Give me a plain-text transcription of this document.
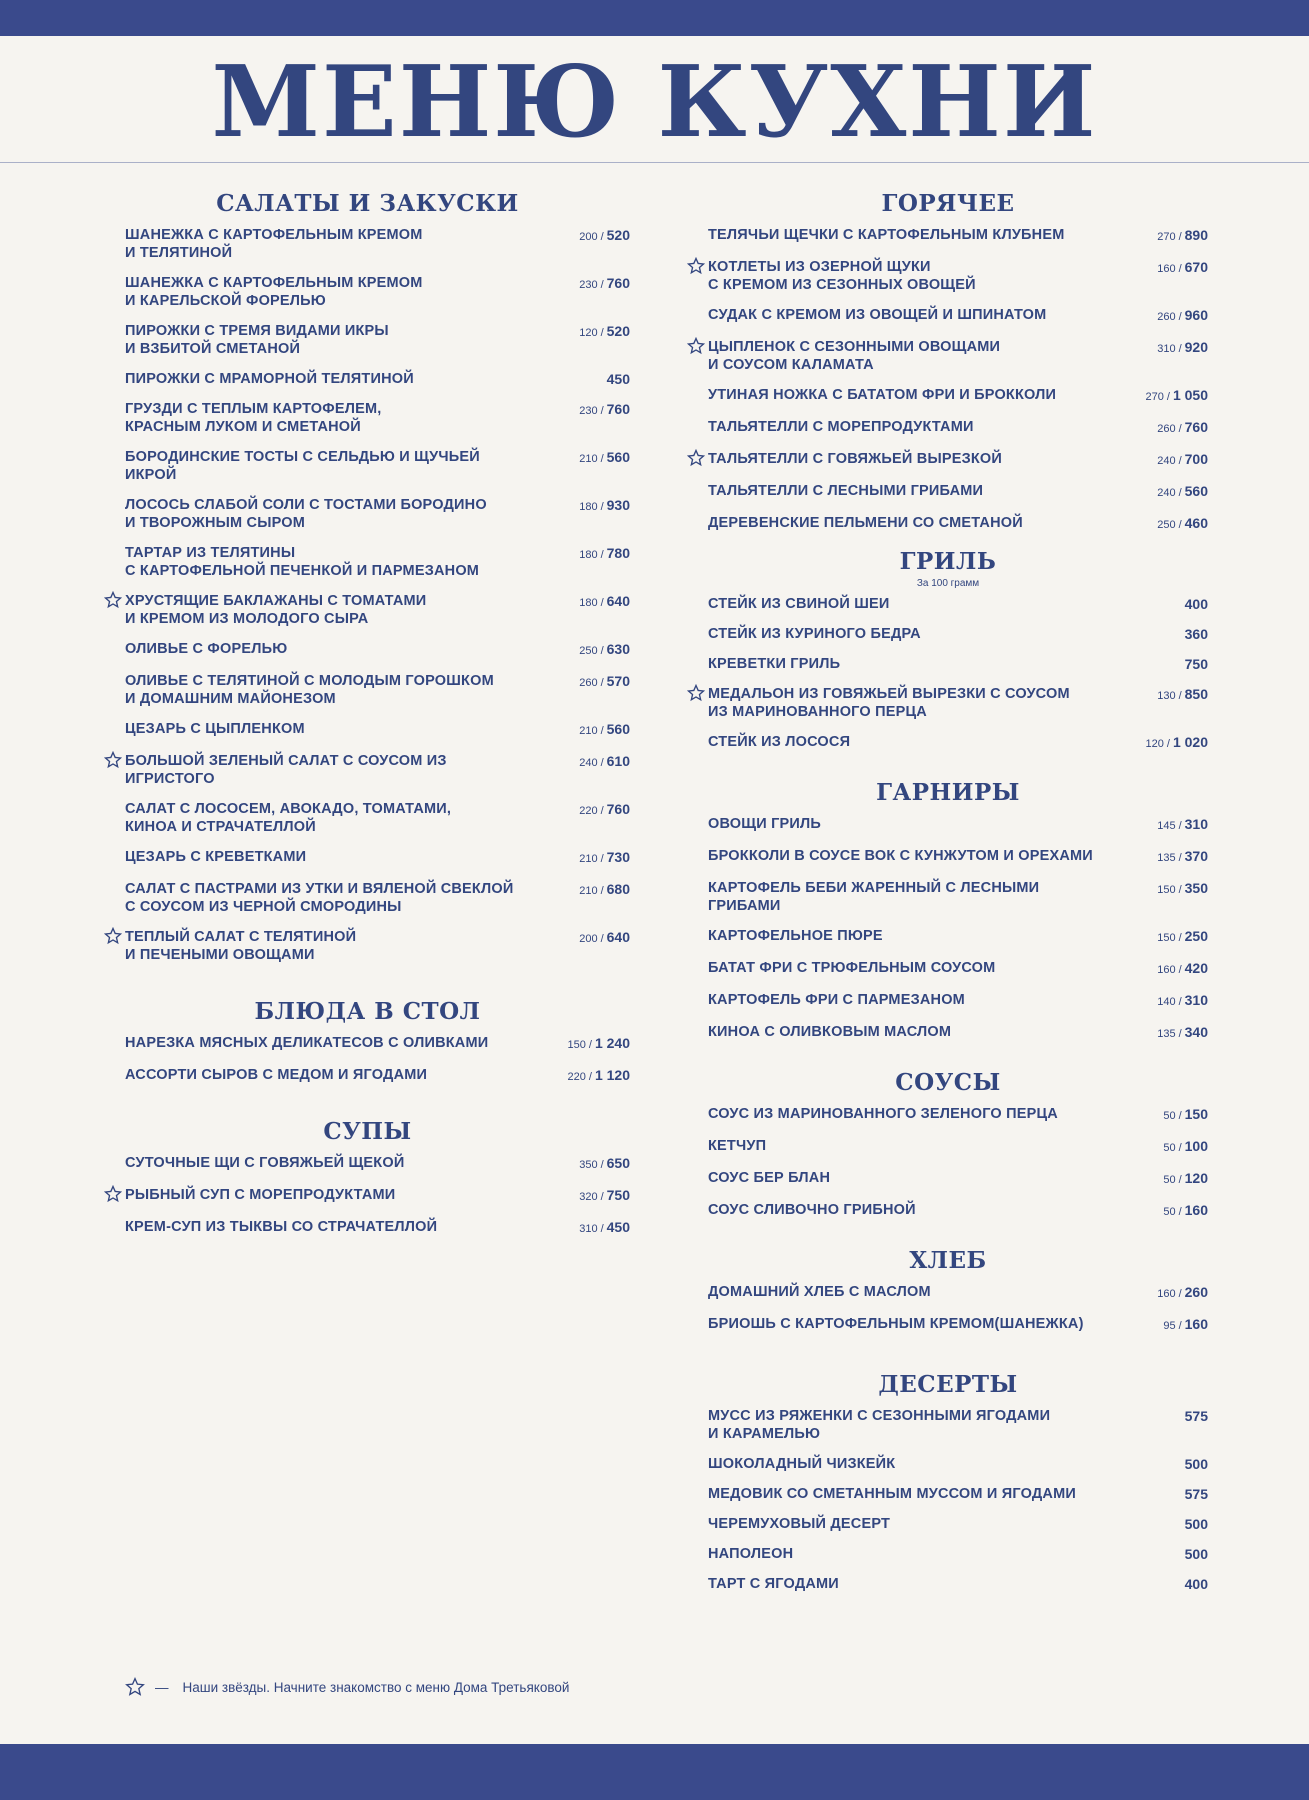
МЕНЮ КУХНИ
САЛАТЫ И ЗАКУСКИ
ШАНЕЖКА С КАРТОФЕЛЬНЫМ КРЕМОМ
И ТЕЛЯТИНОЙ
200 / 520
ШАНЕЖКА С КАРТОФЕЛЬНЫМ КРЕМОМ
И КАРЕЛЬСКОЙ ФОРЕЛЬЮ
230 / 760
ПИРОЖКИ С ТРЕМЯ ВИДАМИ ИКРЫ
И ВЗБИТОЙ СМЕТАНОЙ
120 / 520
ПИРОЖКИ С МРАМОРНОЙ ТЕЛЯТИНОЙ	450
ГРУЗДИ С ТЕПЛЫМ КАРТОФЕЛЕМ,
КРАСНЫМ ЛУКОМ И СМЕТАНОЙ
230 / 760
БОРОДИНСКИЕ ТОСТЫ С СЕЛЬДЬЮ И ЩУЧЬЕЙ ИКРОЙ
210 / 560
ЛОСОСЬ СЛАБОЙ СОЛИ С ТОСТАМИ БОРОДИНО
И ТВОРОЖНЫМ СЫРОМ
180 / 930
ТАРТАР ИЗ ТЕЛЯТИНЫ
С КАРТОФЕЛЬНОЙ ПЕЧЕНКОЙ И ПАРМЕЗАНОМ
180 / 780
ХРУСТЯЩИЕ БАКЛАЖАНЫ С ТОМАТАМИ
И КРЕМОМ ИЗ МОЛОДОГО СЫРА
180 / 640
ОЛИВЬЕ С ФОРЕЛЬЮ	250 / 630
ОЛИВЬЕ С ТЕЛЯТИНОЙ С МОЛОДЫМ ГОРОШКОМ
И ДОМАШНИМ МАЙОНЕЗОМ
260 / 570
ЦЕЗАРЬ С ЦЫПЛЕНКОМ	210 / 560
БОЛЬШОЙ ЗЕЛЕНЫЙ САЛАТ С СОУСОМ ИЗ ИГРИСТОГО
240 / 610
САЛАТ С ЛОСОСЕМ, АВОКАДО, ТОМАТАМИ,
КИНОА И СТРАЧАТЕЛЛОЙ
220 / 760
ЦЕЗАРЬ С КРЕВЕТКАМИ	210 / 730
САЛАТ С ПАСТРАМИ ИЗ УТКИ И ВЯЛЕНОЙ СВЕКЛОЙ
С СОУСОМ ИЗ ЧЕРНОЙ СМОРОДИНЫ
210 / 680
ТЕПЛЫЙ САЛАТ С ТЕЛЯТИНОЙ
И ПЕЧЕНЫМИ ОВОЩАМИ
200 / 640
БЛЮДА В СТОЛ
НАРЕЗКА МЯСНЫХ ДЕЛИКАТЕСОВ С ОЛИВКАМИ	150 / 1 240
АССОРТИ СЫРОВ С МЕДОМ И ЯГОДАМИ	220 / 1 120
СУПЫ
СУТОЧНЫЕ ЩИ С ГОВЯЖЬЕЙ ЩЕКОЙ	350 / 650
РЫБНЫЙ СУП С МОРЕПРОДУКТАМИ	320 / 750
КРЕМ-СУП ИЗ ТЫКВЫ СО СТРАЧАТЕЛЛОЙ	310 / 450
ГОРЯЧЕЕ
ТЕЛЯЧЬИ ЩЕЧКИ С КАРТОФЕЛЬНЫМ КЛУБНЕМ	270 / 890
КОТЛЕТЫ ИЗ ОЗЕРНОЙ ЩУКИ
С КРЕМОМ ИЗ СЕЗОННЫХ ОВОЩЕЙ
160 / 670
СУДАК С КРЕМОМ ИЗ ОВОЩЕЙ И ШПИНАТОМ	260 / 960
ЦЫПЛЕНОК С СЕЗОННЫМИ ОВОЩАМИ
И СОУСОМ КАЛАМАТА
310 / 920
УТИНАЯ НОЖКА С БАТАТОМ ФРИ И БРОККОЛИ	270 / 1 050
ТАЛЬЯТЕЛЛИ С МОРЕПРОДУКТАМИ	260 / 760
ТАЛЬЯТЕЛЛИ С ГОВЯЖЬЕЙ ВЫРЕЗКОЙ	240 / 700
ТАЛЬЯТЕЛЛИ С ЛЕСНЫМИ ГРИБАМИ	240 / 560
ДЕРЕВЕНСКИЕ ПЕЛЬМЕНИ СО СМЕТАНОЙ	250 / 460
ГРИЛЬ
За 100 грамм
СТЕЙК ИЗ СВИНОЙ ШЕИ	400
СТЕЙК ИЗ КУРИНОГО БЕДРА	360
КРЕВЕТКИ ГРИЛЬ	750
МЕДАЛЬОН ИЗ ГОВЯЖЬЕЙ ВЫРЕЗКИ С СОУСОМ
ИЗ МАРИНОВАННОГО ПЕРЦА
130 / 850
СТЕЙК ИЗ ЛОСОСЯ	120 / 1 020
ГАРНИРЫ
ОВОЩИ ГРИЛЬ	145 / 310
БРОККОЛИ В СОУСЕ ВОК С КУНЖУТОМ И ОРЕХАМИ	135 / 370
КАРТОФЕЛЬ БЕБИ ЖАРЕННЫЙ С ЛЕСНЫМИ ГРИБАМИ
150 / 350
КАРТОФЕЛЬНОЕ ПЮРЕ	150 / 250
БАТАТ ФРИ С ТРЮФЕЛЬНЫМ СОУСОМ	160 / 420
КАРТОФЕЛЬ ФРИ С ПАРМЕЗАНОМ	140 / 310
КИНОА С ОЛИВКОВЫМ МАСЛОМ	135 / 340
СОУСЫ
СОУС ИЗ МАРИНОВАННОГО ЗЕЛЕНОГО ПЕРЦА	50 / 150
КЕТЧУП	50 / 100
СОУС БЕР БЛАН	50 / 120
СОУС СЛИВОЧНО ГРИБНОЙ	50 / 160
ХЛЕБ
ДОМАШНИЙ ХЛЕБ С МАСЛОМ	160 / 260
БРИОШЬ С КАРТОФЕЛЬНЫМ КРЕМОМ(ШАНЕЖКА)	95 / 160
ДЕСЕРТЫ
МУСС ИЗ РЯЖЕНКИ С СЕЗОННЫМИ ЯГОДАМИ
И КАРАМЕЛЬЮ
575
ШОКОЛАДНЫЙ ЧИЗКЕЙК	500
МЕДОВИК СО СМЕТАННЫМ МУССОМ И ЯГОДАМИ	575
ЧЕРЕМУХОВЫЙ ДЕСЕРТ	500
НАПОЛЕОН	500
ТАРТ С ЯГОДАМИ	400
— Наши звёзды. Начните знакомство с меню Дома Третьяковой
